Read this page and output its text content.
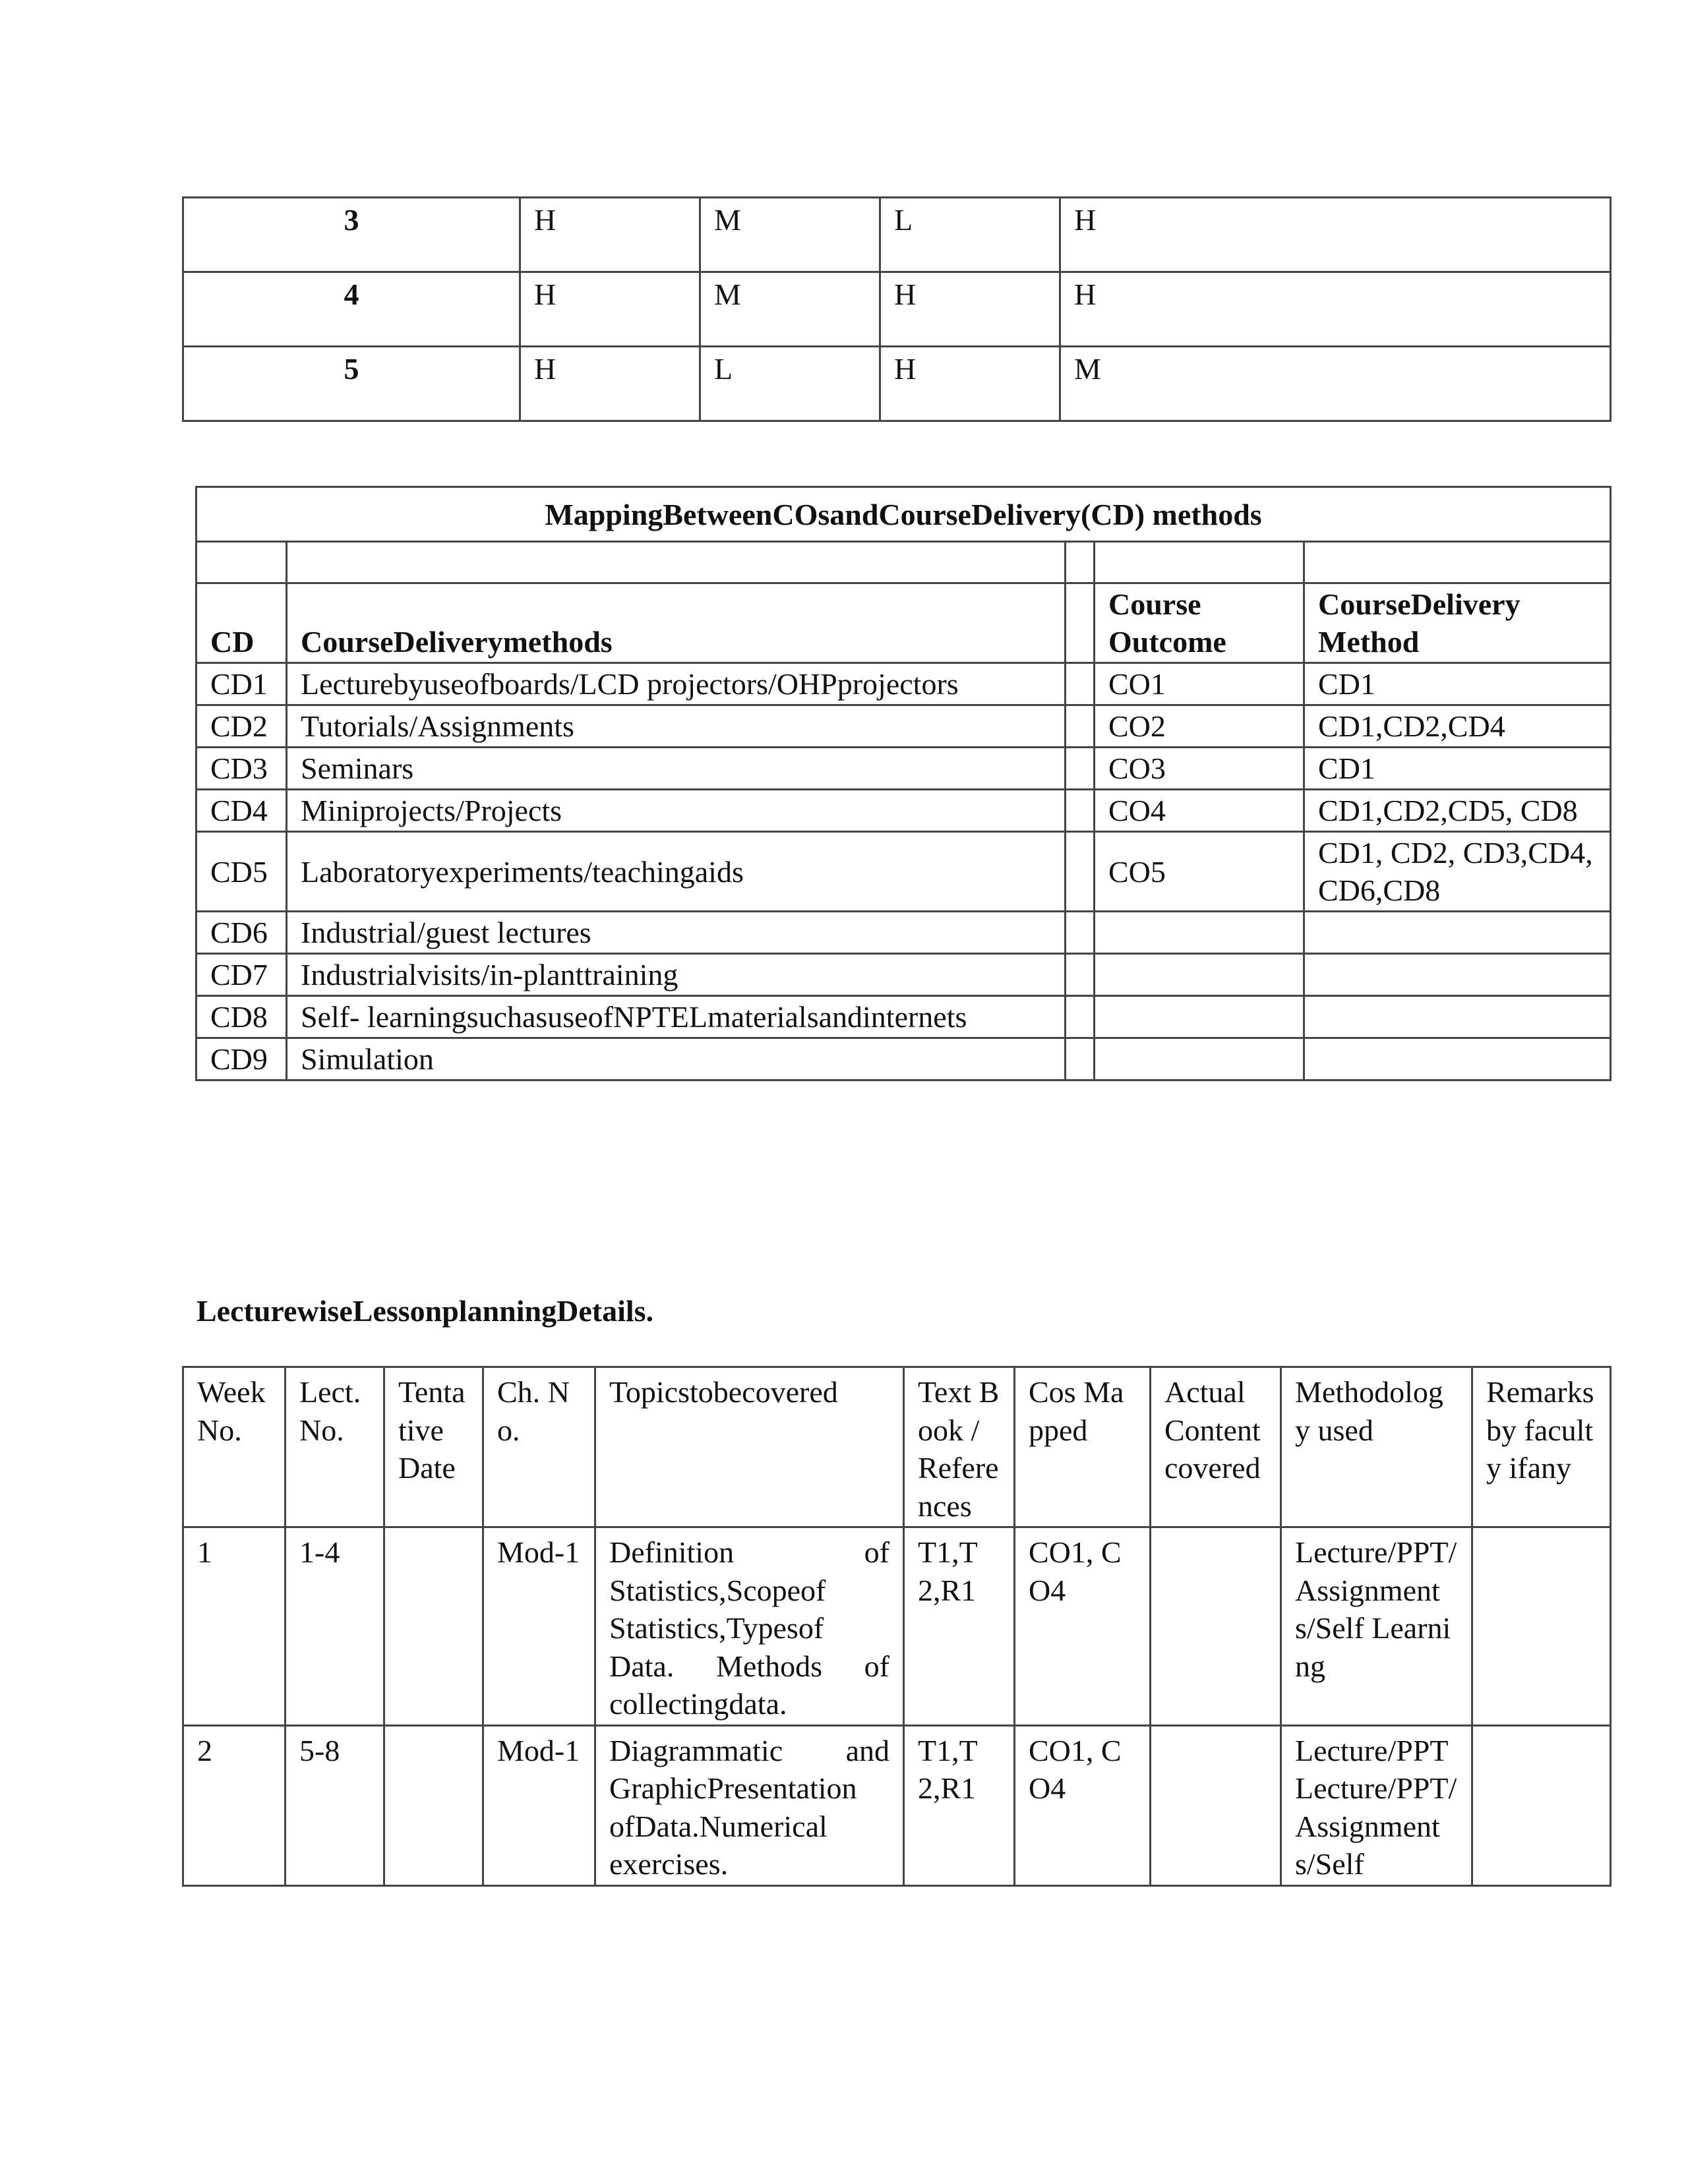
3	H	M	L	H
4	H	M	H	H
5	H	L	H	M
MappingBetweenCOsandCourseDelivery(CD) methods				

CD	CourseDeliverymethods		Course Outcome	CourseDelivery Method
CD1	Lecturebyuseofboards/LCD projectors/OHPprojectors		CO1	CD1
CD2	Tutorials/Assignments		CO2	CD1,CD2,CD4
CD3	Seminars		CO3	CD1
CD4	Miniprojects/Projects		CO4	CD1,CD2,CD5, CD8
CD5	Laboratoryexperiments/teachingaids		CO5	CD1, CD2, CD3,CD4, CD6,CD8
CD6	Industrial/guest lectures			
CD7	Industrialvisits/in-planttraining			
CD8	Self- learningsuchasuseofNPTELmaterialsandinternets			
CD9	Simulation			
LecturewiseLessonplanningDetails.
Week No.	Lect. No.	Tentative Date	Ch. No.	Topicstobecovered	Text Book / References	Cos Mapped	Actual Content covered	Methodology used	Remarksby faculty ifany
1	1-4		Mod-1	Definition of Statistics,Scopeof Statistics,Typesof Data. Methods of collectingdata.	T1,T2,R1	CO1, CO4		Lecture/PPT/Assignments/Self Learning	
2	5-8		Mod-1	Diagrammatic and GraphicPresentation ofData.Numerical exercises.	T1,T2,R1	CO1, CO4		Lecture/PPT Lecture/PPT/Assignments/Self	
